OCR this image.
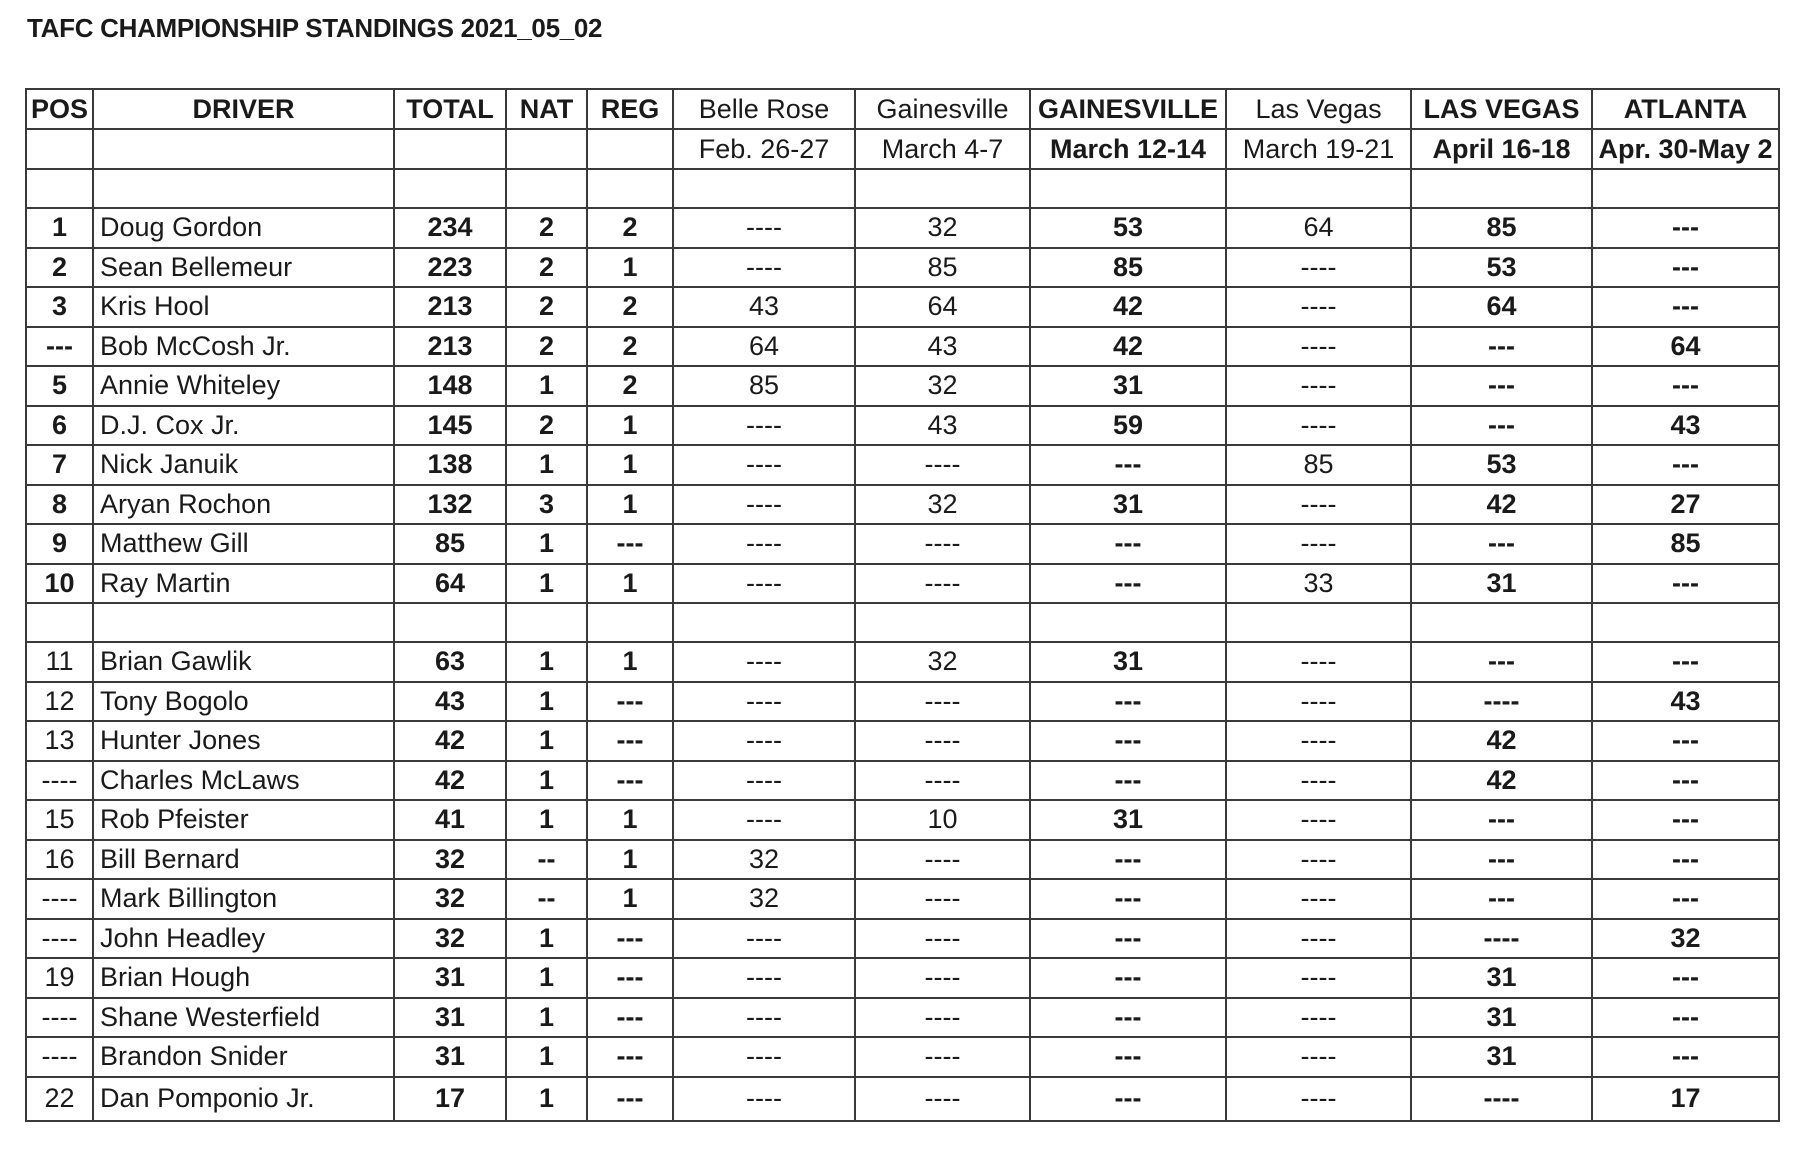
TAFC CHAMPIONSHIP STANDINGS 2021_05_02
POS	DRIVER	TOTAL	NAT	REG	Belle Rose	Gainesville	GAINESVILLE	Las Vegas	LAS VEGAS	ATLANTA
					Feb. 26-27	March 4-7	March 12-14	March 19-21	April 16-18	Apr. 30-May 2

1	Doug Gordon	234	2	2	----	32	53	64	85	---
2	Sean Bellemeur	223	2	1	----	85	85	----	53	---
3	Kris Hool	213	2	2	43	64	42	----	64	---
---	Bob McCosh Jr.	213	2	2	64	43	42	----	---	64
5	Annie Whiteley	148	1	2	85	32	31	----	---	---
6	D.J. Cox Jr.	145	2	1	----	43	59	----	---	43
7	Nick Januik	138	1	1	----	----	---	85	53	---
8	Aryan Rochon	132	3	1	----	32	31	----	42	27
9	Matthew Gill	85	1	---	----	----	---	----	---	85
10	Ray Martin	64	1	1	----	----	---	33	31	---

11	Brian Gawlik	63	1	1	----	32	31	----	---	---
12	Tony Bogolo	43	1	---	----	----	---	----	----	43
13	Hunter Jones	42	1	---	----	----	---	----	42	---
----	Charles McLaws	42	1	---	----	----	---	----	42	---
15	Rob Pfeister	41	1	1	----	10	31	----	---	---
16	Bill Bernard	32	--	1	32	----	---	----	---	---
----	Mark Billington	32	--	1	32	----	---	----	---	---
----	John Headley	32	1	---	----	----	---	----	----	32
19	Brian Hough	31	1	---	----	----	---	----	31	---
----	Shane Westerfield	31	1	---	----	----	---	----	31	---
----	Brandon Snider	31	1	---	----	----	---	----	31	---
22	Dan Pomponio Jr.	17	1	---	----	----	---	----	----	17
